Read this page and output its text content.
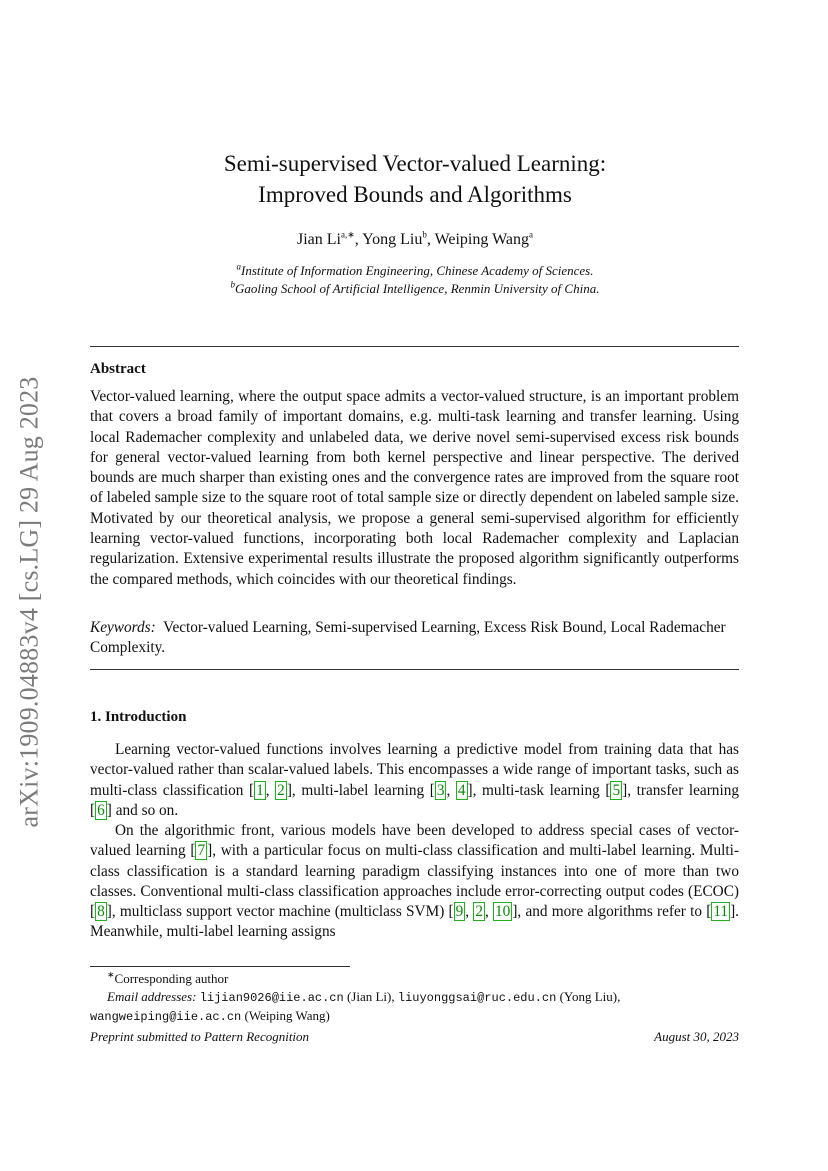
arXiv:1909.04883v4 [cs.LG] 29 Aug 2023
Semi-supervised Vector-valued Learning:
Improved Bounds and Algorithms
Jian $Li^{a,∗}$, Yong Liu$^b$, Weiping Wang$^a$
$^a$Institute of Information Engineering, Chinese Academy of Sciences.
$^b$Gaoling School of Artificial Intelligence, Renmin University of China.
Abstract
Vector-valued learning, where the output space admits a vector-valued structure, is an important problem that covers a broad family of important domains, e.g. multi-task learning and transfer learning. Using local Rademacher complexity and unlabeled data, we derive novel semi-supervised excess risk bounds for general vector-valued learning from both kernel perspective and linear perspective. The derived bounds are much sharper than existing ones and the convergence rates are improved from the square root of labeled sample size to the square root of total sample size or directly dependent on labeled sample size. Motivated by our theoretical analysis, we propose a general semi-supervised algorithm for efficiently learning vector-valued functions, incorporating both local Rademacher complexity and Laplacian regularization. Extensive experimental results illustrate the proposed algorithm significantly outperforms the compared methods, which coincides with our theoretical findings.
Keywords: Vector-valued Learning, Semi-supervised Learning, Excess Risk Bound, Local Rademacher Complexity.
1. Introduction
Learning vector-valued functions involves learning a predictive model from training data that has vector-valued rather than scalar-valued labels. This encompasses a wide range of important tasks, such as multi-class classification [ 1 , 2 ], multi-label learning [ 3 , 4 ], multi-task learning [ 5 ], transfer learning [ 6 ] and so on.
On the algorithmic front, various models have been developed to address special cases of vector-valued learning [ 7 ], with a particular focus on multi-class classification and multi-label learning. Multi-class classification is a standard learning paradigm classifying instances into one of more than two classes. Conventional multi-class classification approaches include error-correcting output codes (ECOC) [ 8 ], multiclass support vector machine (multiclass SVM) [ 9 , 2 , 10 ], and more algorithms refer to [ 11 ]. Meanwhile, multi-label learning assigns
∗Corresponding author
Email addresses: lijian9026@iie.ac.cn (Jian Li), liuyonggsai@ruc.edu.cn (Yong Liu),
wangweiping@iie.ac.cn (Weiping Wang)
Preprint submitted to Pattern Recognition	August 30, 2023
